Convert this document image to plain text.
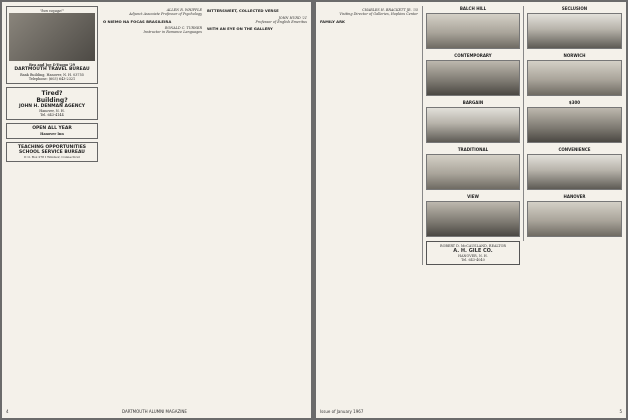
"bon voyage!"
Bea and Joe D'Esopo '29
DARTMOUTH TRAVEL BUREAU
Bank Building, Hanover, N. H. 03755
Telephone: (603) 643-2321
Tired?
Building?
JOHN H. DENMAN AGENCY
Hanover, N. H.
Tel. 643-4144
OPEN ALL YEAR
Hanover Inn
TEACHING OPPORTUNITIES
SCHOOL SERVICE BUREAU
P. O. Box 278 I Windsor, Connecticut

ALLEN R. WHIPPLE
Adjunct Associate Professor of Psychology
O NIEMO NA FOCAS BRASILEIRA

RONALD C. TURNER
Instructor in Romance Languages
BITTERSWEET, COLLECTED VERSE

JOHN HURD '21
Professor of English Emeritus
WITH AN EYE ON THE GALLERY

4	DARTMOUTH ALUMNI MAGAZINE

CHARLES H. BRACKETT JR. '35
Visiting Director of Galleries, Hopkins Center
FAMILY ARK

BALCH HILL
CONTEMPORARY
BARGAIN
TRADITIONAL
VIEW
ROBERT D. McCAUSLAND, REALTOR
A. H. GILE CO.
HANOVER, N. H.
Tel. 643-4040
SECLUSION
NORWICH
$300
CONVENIENCE
HANOVER
Issue of January 1967	5
